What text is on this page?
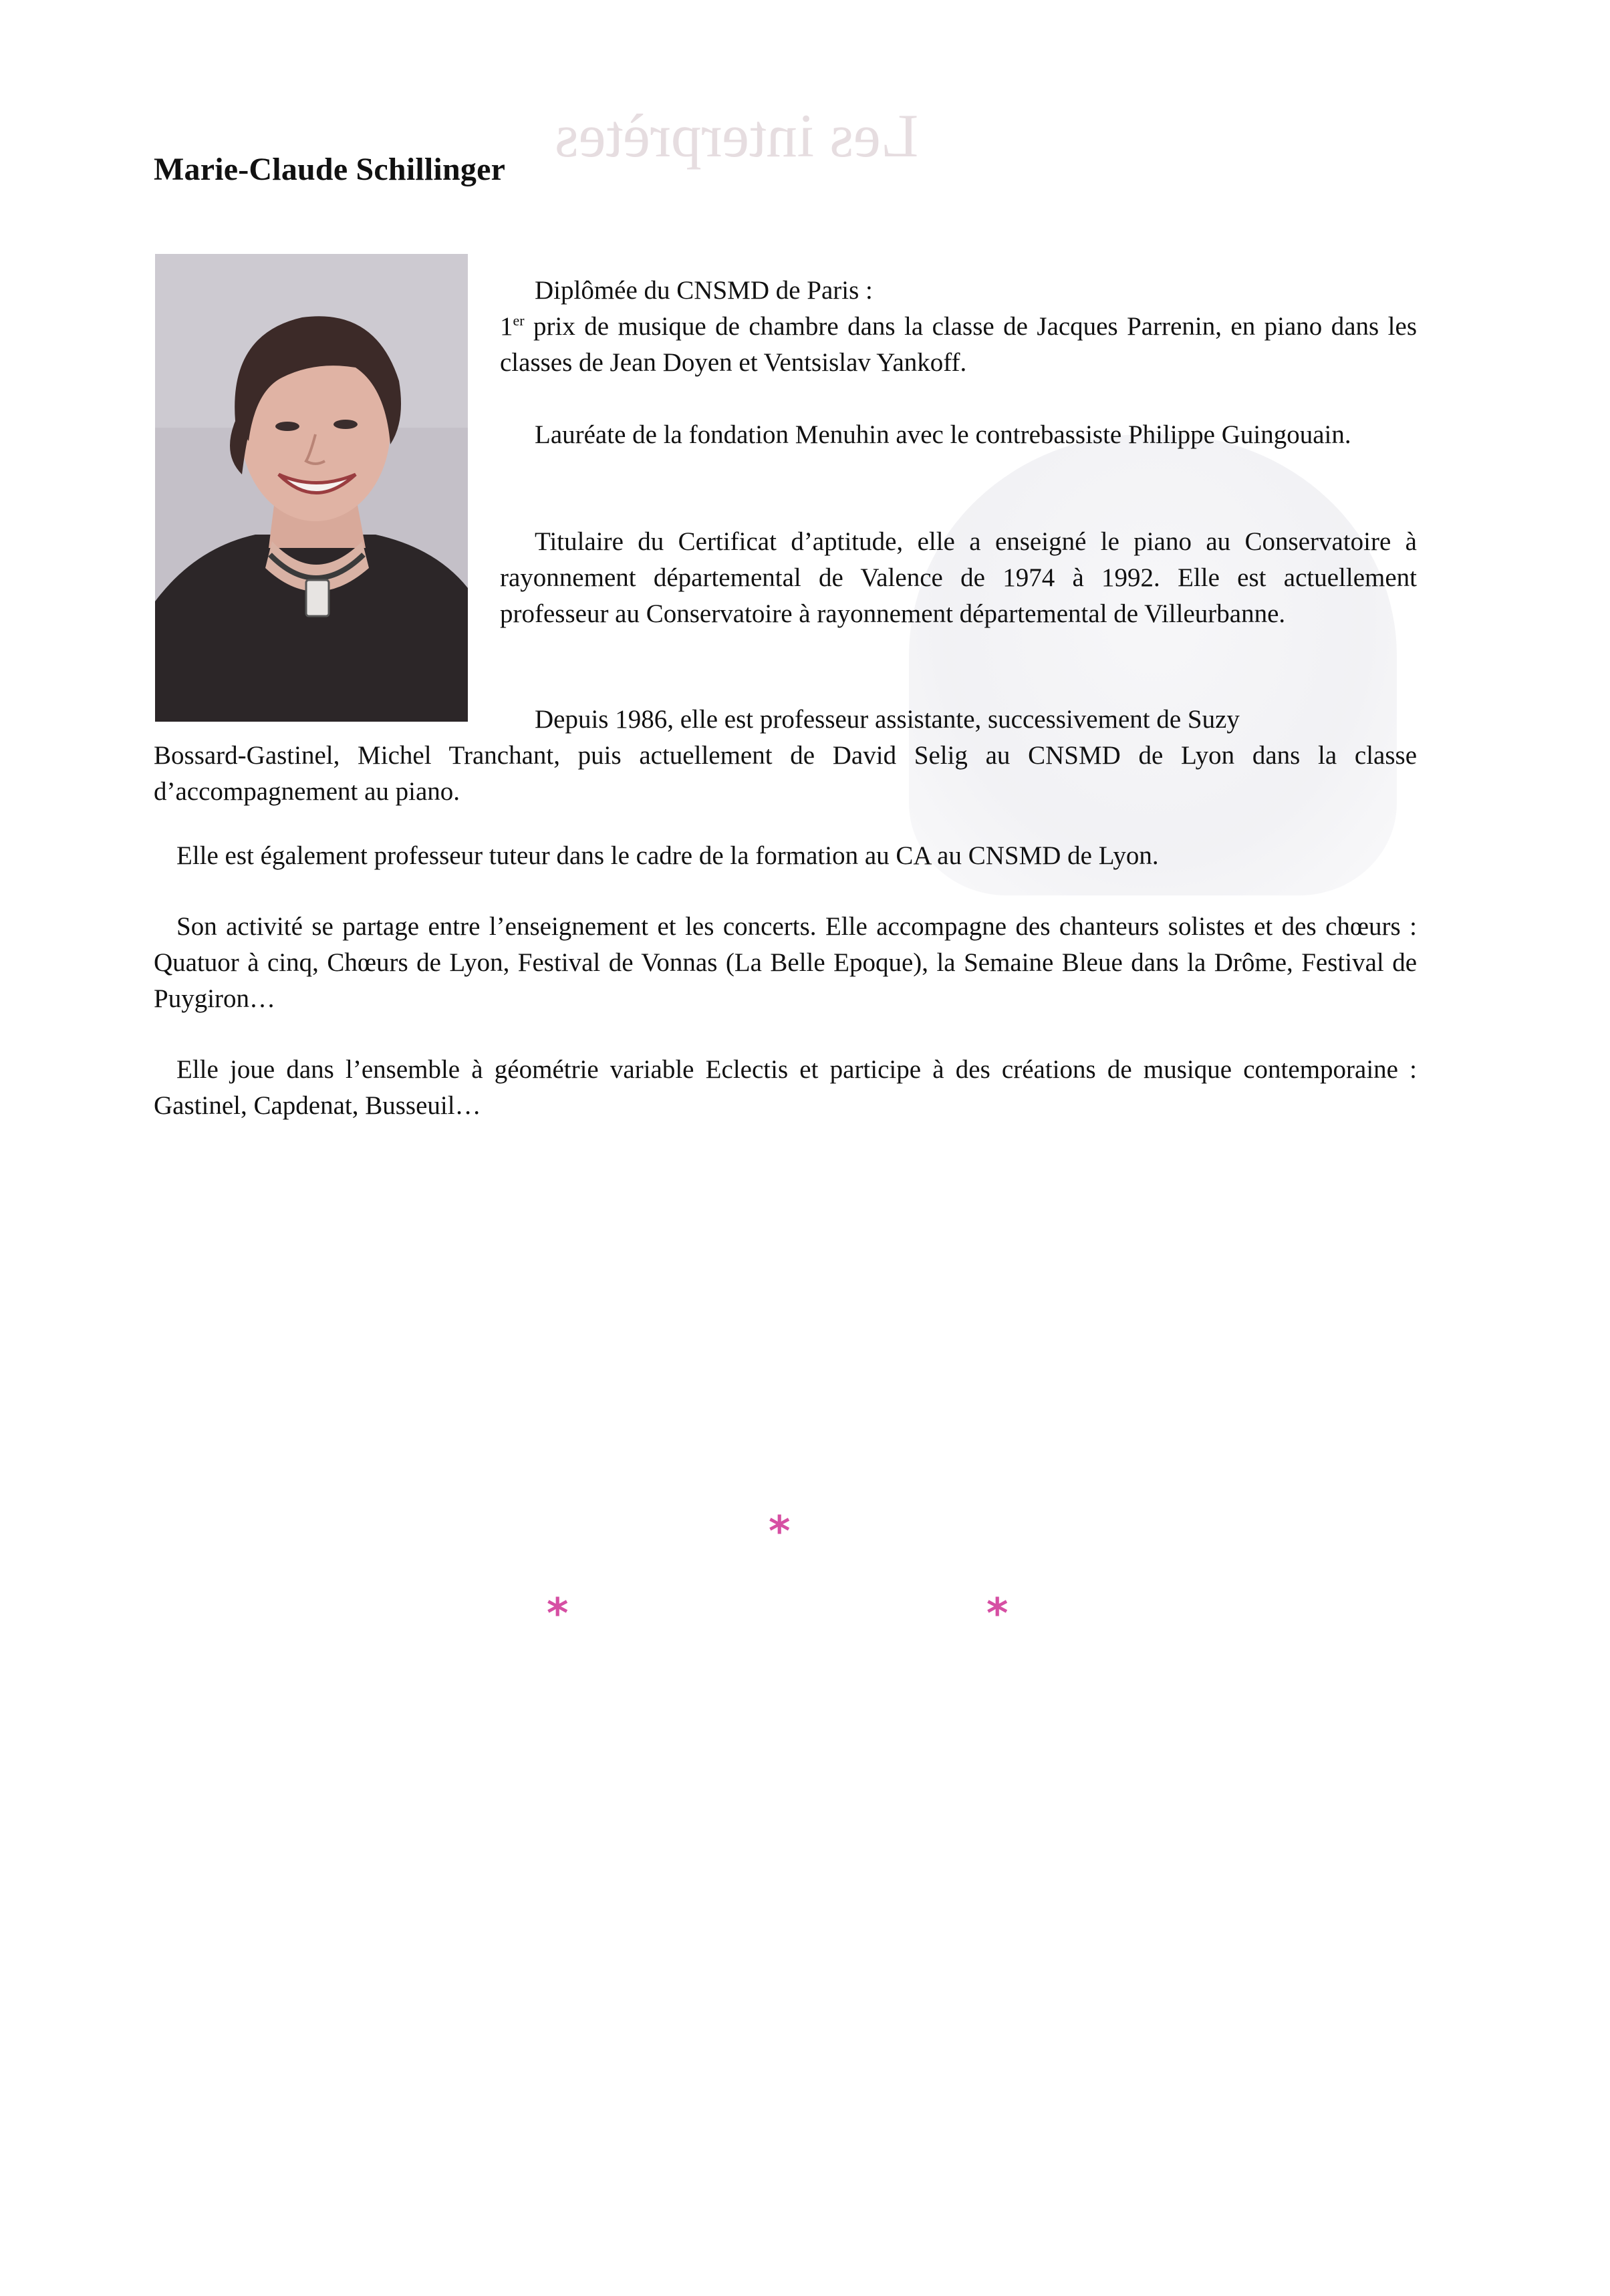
Les interprètes
Marie-Claude Schillinger

Diplômée du CNSMD de Paris :
1er prix de musique de chambre dans la classe de Jacques Parrenin, en piano dans les classes de Jean Doyen et Ventsislav Yankoff.

Lauréate de la fondation Menuhin avec le contrebassiste Philippe Guingouain.

Titulaire du Certificat d’aptitude, elle a enseigné le piano au Conservatoire à rayonnement départemental de Valence de 1974 à 1992. Elle est actuellement professeur au Conservatoire à rayonnement départemental de Villeurbanne.

Depuis 1986, elle est professeur assistante, successivement de Suzy

Bossard-Gastinel, Michel Tranchant, puis actuellement de David Selig au CNSMD de Lyon dans la classe d’accompagnement au piano.

Elle est également professeur tuteur dans le cadre de la formation au CA au CNSMD de Lyon.

Son activité se partage entre l’enseignement et les concerts. Elle accompagne des chanteurs solistes et des chœurs : Quatuor à cinq, Chœurs de Lyon, Festival de Vonnas (La Belle Epoque), la Semaine Bleue dans la Drôme, Festival de Puygiron…

Elle joue dans l’ensemble à géométrie variable Eclectis et participe à des créations de musique contemporaine : Gastinel, Capdenat, Busseuil…

*
*	*
